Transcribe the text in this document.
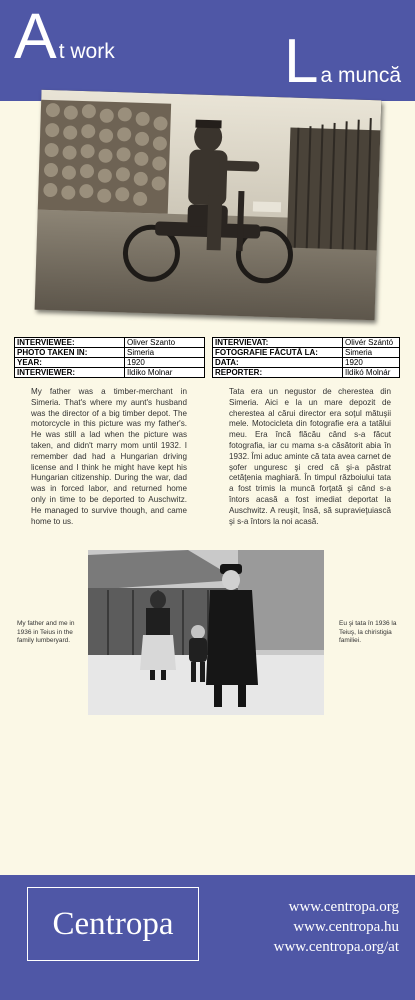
At work	La muncă
INTERVIEWEE:	Oliver Szanto
PHOTO TAKEN IN:	Simeria
YEAR:	1920
INTERVIEWER:	Ildiko Molnar
INTERVIEVAT:	Olivér Szántó
FOTOGRAFIE FĂCUTĂ LA:	Simeria
DATA:	1920
REPORTER:	Ildikó Molnár
My father was a timber-merchant in Simeria. That's where my aunt's husband was the director of a big timber depot. The motorcycle in this picture was my father's. He was still a lad when the picture was taken, and didn't marry mom until 1932. I remember dad had a Hungarian driving license and I think he might have kept his Hungarian citizenship. During the war, dad was in forced labor, and returned home only in time to be deported to Auschwitz. He managed to survive though, and came home to us.
Tata era un negustor de cherestea din Simeria. Aici e la un mare depozit de cherestea al cărui director era soţul mătuşii mele. Motocicleta din fotografie era a tatălui meu. Era încă flăcău când s-a făcut fotografia, iar cu mama s-a căsătorit abia în 1932. Îmi aduc aminte că tata avea carnet de şofer unguresc şi cred că şi-a păstrat cetăţenia maghiară. În timpul războiului tata a fost trimis la muncă forţată şi când s-a întors acasă a fost imediat deportat la Auschwitz. A reuşit, însă, să supravieţuiască şi s-a întors la noi acasă.
My father and me in 1936 in Teius in the family lumberyard.
Eu şi tata în 1936 la Teiuş, la chiristigia familiei.
Centropa	www.centropa.org
www.centropa.hu
www.centropa.org/at
